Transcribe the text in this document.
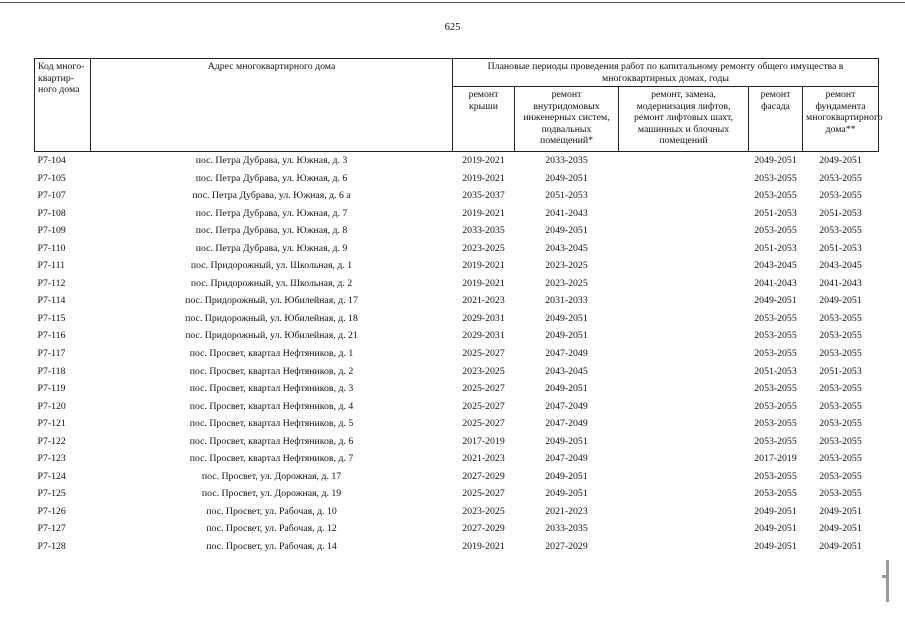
625
Код много-квартир-ного дома	Адрес многоквартирного дома	Плановые периоды проведения работ по капитальному ремонту общего имущества в многоквартирных домах, годы				
		ремонт крыши	ремонт внутридомовых инженерных систем, подвальных помещений*	ремонт, замена, модернизация лифтов, ремонт лифтовых шахт, машинных и блочных помещений	ремонт фасада	ремонт фундамента многоквартирного дома**
Р7-104	пос. Петра Дубрава, ул. Южная, д. 3	2019-2021	2033-2035		2049-2051	2049-2051
Р7-105	пос. Петра Дубрава, ул. Южная, д. 6	2019-2021	2049-2051		2053-2055	2053-2055
Р7-107	пос. Петра Дубрава, ул. Южная, д. 6 а	2035-2037	2051-2053		2053-2055	2053-2055
Р7-108	пос. Петра Дубрава, ул. Южная, д. 7	2019-2021	2041-2043		2051-2053	2051-2053
Р7-109	пос. Петра Дубрава, ул. Южная, д. 8	2033-2035	2049-2051		2053-2055	2053-2055
Р7-110	пос. Петра Дубрава, ул. Южная, д. 9	2023-2025	2043-2045		2051-2053	2051-2053
Р7-111	пос. Придорожный, ул. Школьная, д. 1	2019-2021	2023-2025		2043-2045	2043-2045
Р7-112	пос. Придорожный, ул. Школьная, д. 2	2019-2021	2023-2025		2041-2043	2041-2043
Р7-114	пос. Придорожный, ул. Юбилейная, д. 17	2021-2023	2031-2033		2049-2051	2049-2051
Р7-115	пос. Придорожный, ул. Юбилейная, д. 18	2029-2031	2049-2051		2053-2055	2053-2055
Р7-116	пос. Придорожный, ул. Юбилейная, д. 21	2029-2031	2049-2051		2053-2055	2053-2055
Р7-117	пос. Просвет, квартал Нефтяников, д. 1	2025-2027	2047-2049		2053-2055	2053-2055
Р7-118	пос. Просвет, квартал Нефтяников, д. 2	2023-2025	2043-2045		2051-2053	2051-2053
Р7-119	пос. Просвет, квартал Нефтяников, д. 3	2025-2027	2049-2051		2053-2055	2053-2055
Р7-120	пос. Просвет, квартал Нефтяников, д. 4	2025-2027	2047-2049		2053-2055	2053-2055
Р7-121	пос. Просвет, квартал Нефтяников, д. 5	2025-2027	2047-2049		2053-2055	2053-2055
Р7-122	пос. Просвет, квартал Нефтяников, д. 6	2017-2019	2049-2051		2053-2055	2053-2055
Р7-123	пос. Просвет, квартал Нефтяников, д. 7	2021-2023	2047-2049		2017-2019	2053-2055
Р7-124	пос. Просвет, ул. Дорожная, д. 17	2027-2029	2049-2051		2053-2055	2053-2055
Р7-125	пос. Просвет, ул. Дорожная, д. 19	2025-2027	2049-2051		2053-2055	2053-2055
Р7-126	пос. Просвет, ул. Рабочая, д. 10	2023-2025	2021-2023		2049-2051	2049-2051
Р7-127	пос. Просвет, ул. Рабочая, д. 12	2027-2029	2033-2035		2049-2051	2049-2051
Р7-128	пос. Просвет, ул. Рабочая, д. 14	2019-2021	2027-2029		2049-2051	2049-2051
